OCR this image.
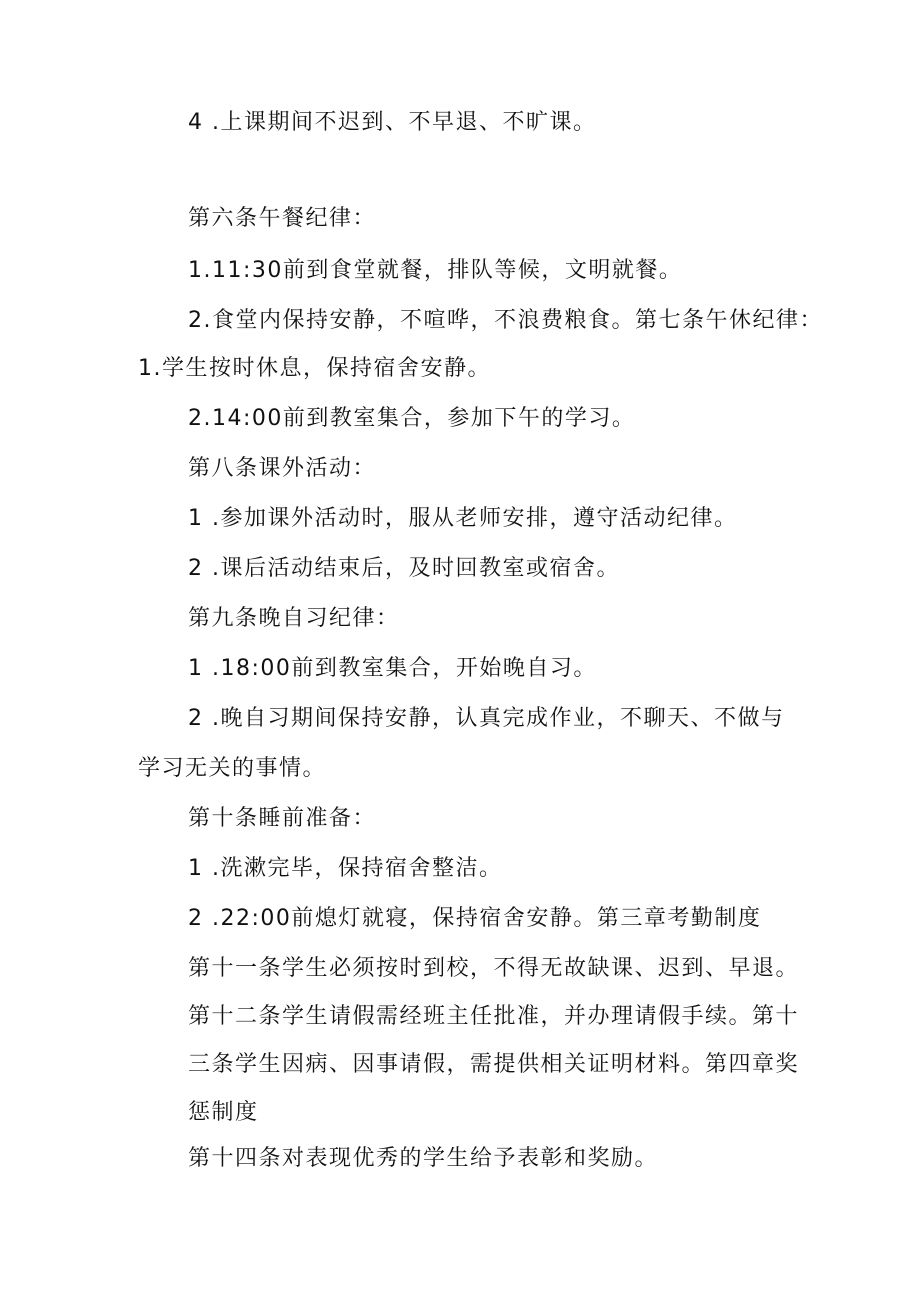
4 .上课期间不迟到、不早退、不旷课。
第六条午餐纪律：
1.11:30前到食堂就餐，排队等候，文明就餐。
2.食堂内保持安静，不喧哗，不浪费粮食。第七条午休纪律：
1.学生按时休息，保持宿舍安静。
2.14:00前到教室集合，参加下午的学习。
第八条课外活动：
1 .参加课外活动时，服从老师安排，遵守活动纪律。
2 .课后活动结束后，及时回教室或宿舍。
第九条晚自习纪律：
1 .18:00前到教室集合，开始晚自习。
2 .晚自习期间保持安静，认真完成作业，不聊天、不做与
学习无关的事情。
第十条睡前准备：
1 .洗漱完毕，保持宿舍整洁。
2 .22:00前熄灯就寝，保持宿舍安静。第三章考勤制度
第十一条学生必须按时到校，不得无故缺课、迟到、早退。
第十二条学生请假需经班主任批准，并办理请假手续。第十
三条学生因病、因事请假，需提供相关证明材料。第四章奖
惩制度
第十四条对表现优秀的学生给予表彰和奖励。
